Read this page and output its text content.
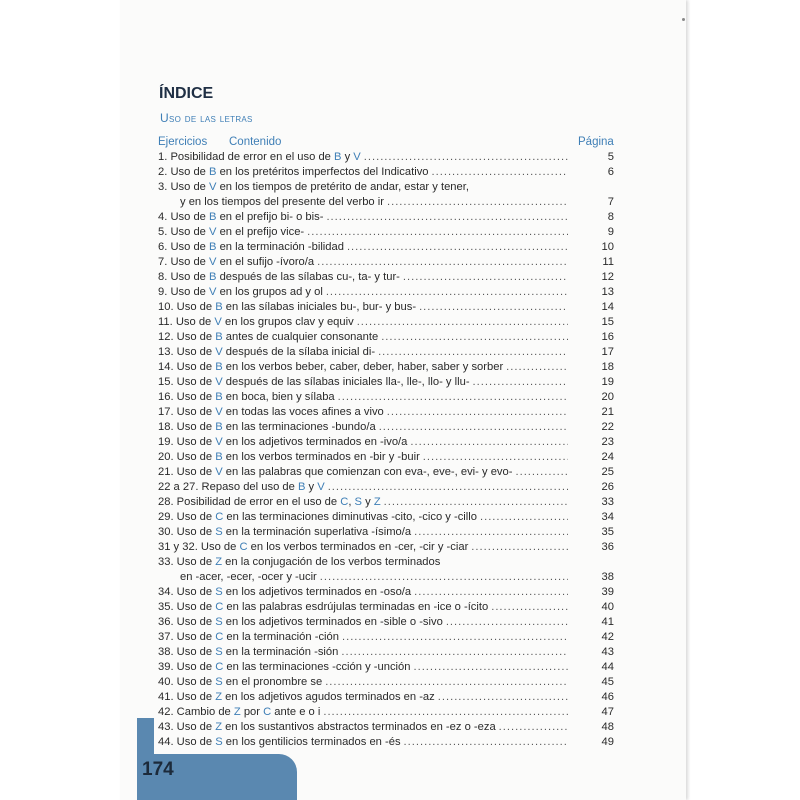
ÍNDICE
Uso de las letras
Ejercicios Contenido	Página
1. Posibilidad de error en el uso de B y V .....	5
2. Uso de B en los pretéritos imperfectos del Indicativo .....	6
3. Uso de V en los tiempos de pretérito de andar, estar y tener,
y en los tiempos del presente del verbo ir .....	7
4. Uso de B en el prefijo bi- o bis- .....	8
5. Uso de V en el prefijo vice- .....	9
6. Uso de B en la terminación -bilidad .....	10
7. Uso de V en el sufijo -ívoro/a .....	11
8. Uso de B después de las sílabas cu-, ta- y tur- .....	12
9. Uso de V en los grupos ad y ol .....	13
10. Uso de B en las sílabas iniciales bu-, bur- y bus- .....	14
11. Uso de V en los grupos clav y equiv .....	15
12. Uso de B antes de cualquier consonante .....	16
13. Uso de V después de la sílaba inicial di- .....	17
14. Uso de B en los verbos beber, caber, deber, haber, saber y sorber .....	18
15. Uso de V después de las sílabas iniciales lla-, lle-, llo- y llu- .....	19
16. Uso de B en boca, bien y sílaba .....	20
17. Uso de V en todas las voces afines a vivo .....	21
18. Uso de B en las terminaciones -bundo/a .....	22
19. Uso de V en los adjetivos terminados en -ivo/a .....	23
20. Uso de B en los verbos terminados en -bir y -buir .....	24
21. Uso de V en las palabras que comienzan con eva-, eve-, evi- y evo- .....	25
22 a 27. Repaso del uso de B y V .....	26
28. Posibilidad de error en el uso de C, S y Z .....	33
29. Uso de C en las terminaciones diminutivas -cito, -cico y -cillo .....	34
30. Uso de S en la terminación superlativa -ísimo/a .....	35
31 y 32. Uso de C en los verbos terminados en -cer, -cir y -ciar .....	36
33. Uso de Z en la conjugación de los verbos terminados
en -acer, -ecer, -ocer y -ucir .....	38
34. Uso de S en los adjetivos terminados en -oso/a .....	39
35. Uso de C en las palabras esdrújulas terminadas en -ice o -ícito .....	40
36. Uso de S en los adjetivos terminados en -sible o -sivo .....	41
37. Uso de C en la terminación -ción .....	42
38. Uso de S en la terminación -sión .....	43
39. Uso de C en las terminaciones -cción y -unción .....	44
40. Uso de S en el pronombre se .....	45
41. Uso de Z en los adjetivos agudos terminados en -az .....	46
42. Cambio de Z por C ante e o i .....	47
43. Uso de Z en los sustantivos abstractos terminados en -ez o -eza .....	48
44. Uso de S en los gentilicios terminados en -és .....	49
174
